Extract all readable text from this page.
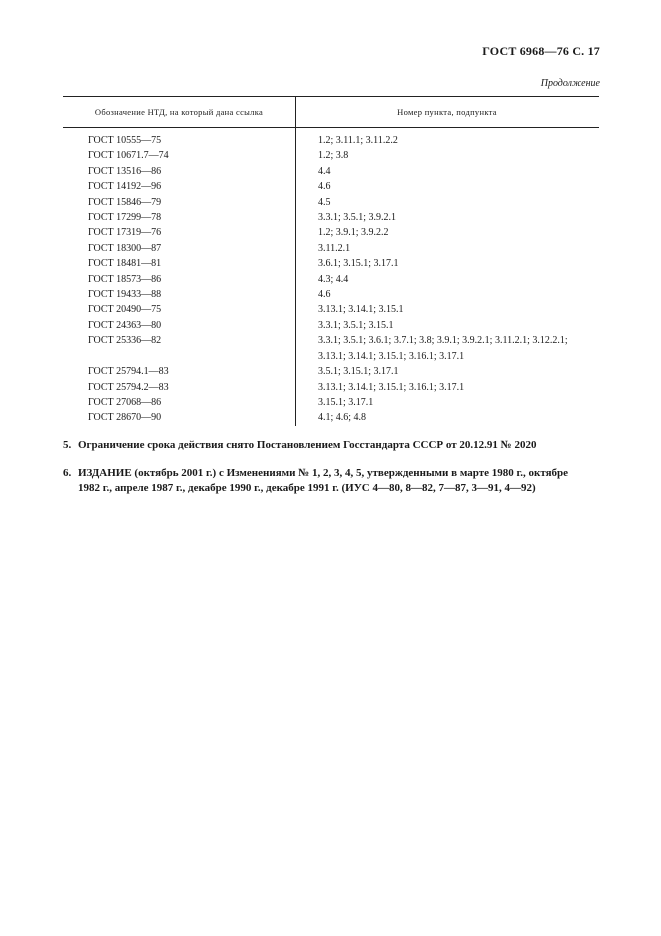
ГОСТ 6968—76 С. 17
Продолжение
Обозначение НТД, на который дана ссылка	Номер пункта, подпункта
ГОСТ 10555—75	1.2; 3.11.1; 3.11.2.2
ГОСТ 10671.7—74	1.2; 3.8
ГОСТ 13516—86	4.4
ГОСТ 14192—96	4.6
ГОСТ 15846—79	4.5
ГОСТ 17299—78	3.3.1; 3.5.1; 3.9.2.1
ГОСТ 17319—76	1.2; 3.9.1; 3.9.2.2
ГОСТ 18300—87	3.11.2.1
ГОСТ 18481—81	3.6.1; 3.15.1; 3.17.1
ГОСТ 18573—86	4.3; 4.4
ГОСТ 19433—88	4.6
ГОСТ 20490—75	3.13.1; 3.14.1; 3.15.1
ГОСТ 24363—80	3.3.1; 3.5.1; 3.15.1
ГОСТ 25336—82	3.3.1; 3.5.1; 3.6.1; 3.7.1; 3.8; 3.9.1; 3.9.2.1; 3.11.2.1; 3.12.2.1;
3.13.1; 3.14.1; 3.15.1; 3.16.1; 3.17.1
ГОСТ 25794.1—83	3.5.1; 3.15.1; 3.17.1
ГОСТ 25794.2—83	3.13.1; 3.14.1; 3.15.1; 3.16.1; 3.17.1
ГОСТ 27068—86	3.15.1; 3.17.1
ГОСТ 28670—90	4.1; 4.6; 4.8
5. Ограничение срока действия снято Постановлением Госстандарта СССР от 20.12.91 № 2020
6. ИЗДАНИЕ (октябрь 2001 г.) с Изменениями № 1, 2, 3, 4, 5, утвержденными в марте 1980 г., октябре
1982 г., апреле 1987 г., декабре 1990 г., декабре 1991 г. (ИУС 4—80, 8—82, 7—87, 3—91, 4—92)
